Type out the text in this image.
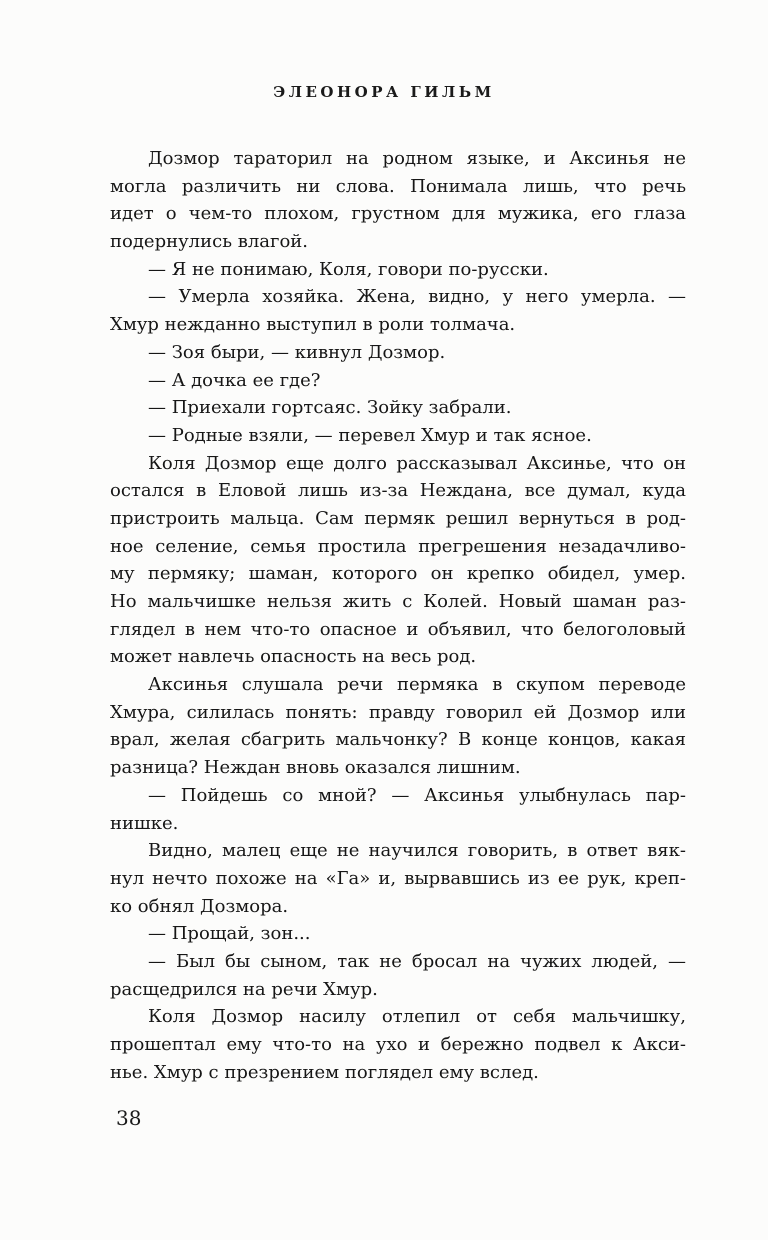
ЭЛЕОНОРА ГИЛЬМ
Дозмор тараторил на родном языке, и Аксинья не
могла различить ни слова. Понимала лишь, что речь
идет о чем-то плохом, грустном для мужика, его глаза
подернулись влагой.
— Я не понимаю, Коля, говори по-русски.
— Умерла хозяйка. Жена, видно, у него умерла. —
Хмур нежданно выступил в роли толмача.
— Зоя быри, — кивнул Дозмор.
— А дочка ее где?
— Приехали гортсаяс. Зойку забрали.
— Родные взяли, — перевел Хмур и так ясное.
Коля Дозмор еще долго рассказывал Аксинье, что он
остался в Еловой лишь из-за Неждана, все думал, куда
пристроить мальца. Сам пермяк решил вернуться в род-
ное селение, семья простила прегрешения незадачливо-
му пермяку; шаман, которого он крепко обидел, умер.
Но мальчишке нельзя жить с Колей. Новый шаман раз-
глядел в нем что-то опасное и объявил, что белоголовый
может навлечь опасность на весь род.
Аксинья слушала речи пермяка в скупом переводе
Хмура, силилась понять: правду говорил ей Дозмор или
врал, желая сбагрить мальчонку? В конце концов, какая
разница? Неждан вновь оказался лишним.
— Пойдешь со мной? — Аксинья улыбнулась пар-
нишке.
Видно, малец еще не научился говорить, в ответ вяк-
нул нечто похоже на «Га» и, вырвавшись из ее рук, креп-
ко обнял Дозмора.
— Прощай, зон...
— Был бы сыном, так не бросал на чужих людей, —
расщедрился на речи Хмур.
Коля Дозмор насилу отлепил от себя мальчишку,
прошептал ему что-то на ухо и бережно подвел к Акси-
нье. Хмур с презрением поглядел ему вслед.
38
